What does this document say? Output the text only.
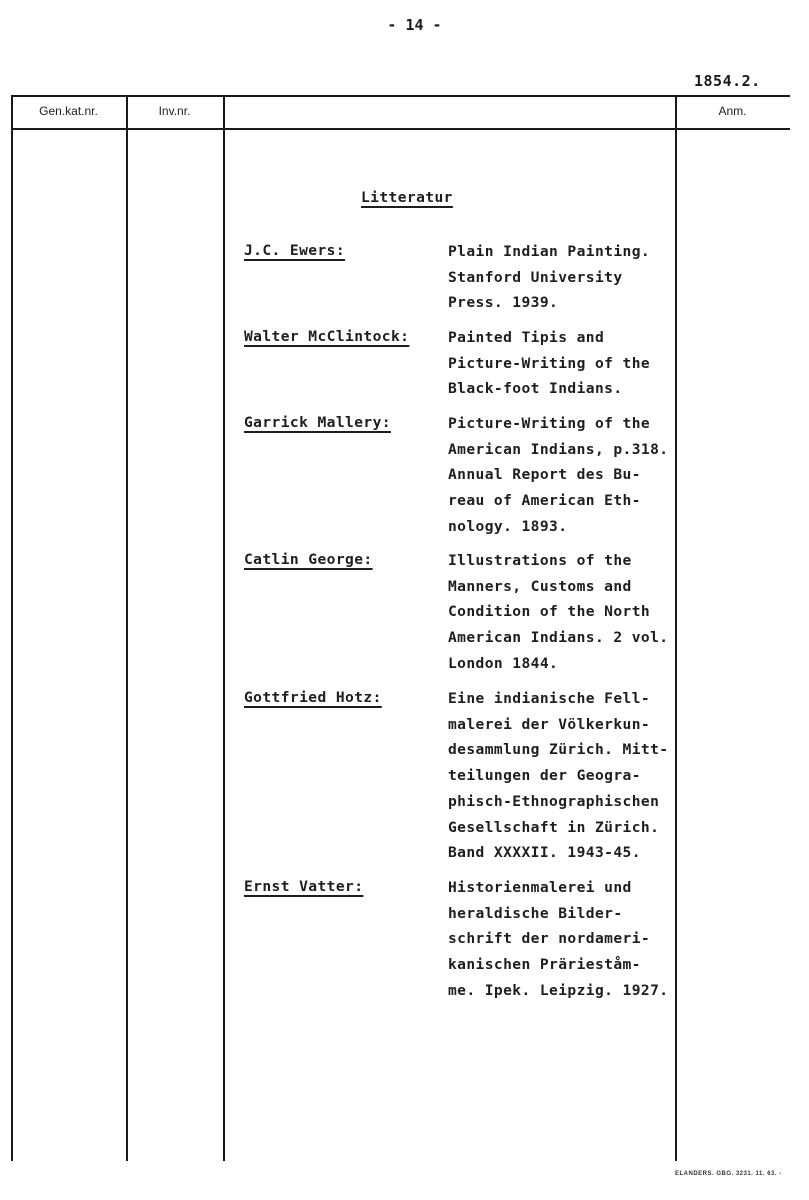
- 14 -
1854.2.
Gen.kat.nr.	Inv.nr.	Anm.
Litteratur
J.C. Ewers:	Plain Indian Painting.
Stanford University
Press. 1939.
Walter McClintock:	Painted Tipis and
Picture-Writing of the
Black-foot Indians.
Garrick Mallery:	Picture-Writing of the
American Indians, p.318.
Annual Report des Bu-
reau of American Eth-
nology. 1893.
Catlin George:	Illustrations of the
Manners, Customs and
Condition of the North
American Indians. 2 vol.
London 1844.
Gottfried Hotz:	Eine indianische Fell-
malerei der Völkerkun-
desammlung Zürich. Mitt-
teilungen der Geogra-
phisch-Ethnographischen
Gesellschaft in Zürich.
Band XXXXII. 1943-45.
Ernst Vatter:	Historienmalerei und
heraldische Bilder-
schrift der nordameri-
kanischen Prärieståm-
me. Ipek. Leipzig. 1927.
ELANDERS. GBG. 3231. 11. 63. -
